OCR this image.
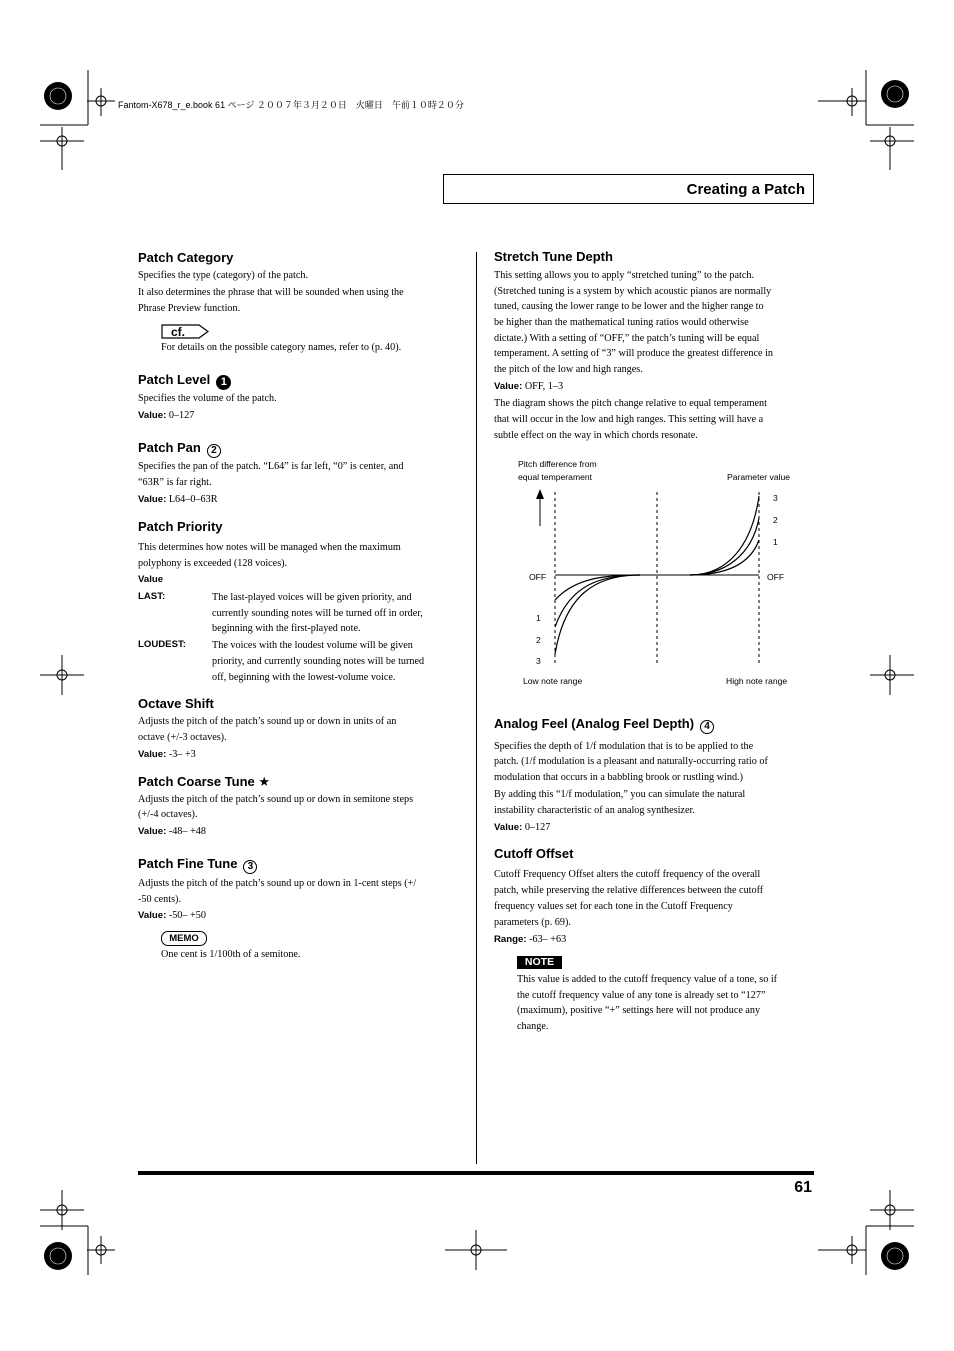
Fantom-X678_r_e.book 61 ページ ２００７年３月２０日　火曜日　午前１０時２０分
Creating a Patch
Patch Category
Specifies the type (category) of the patch.
It also determines the phrase that will be sounded when using the
Phrase Preview function.
cf.
For details on the possible category names, refer to (p. 40).
Patch Level 1
Specifies the volume of the patch.
Value: 0–127
Patch Pan 2
Specifies the pan of the patch. “L64” is far left, “0” is center, and
“63R” is far right.
Value: L64–0–63R
Patch Priority
This determines how notes will be managed when the maximum
polyphony is exceeded (128 voices).
Value
LAST:	The last-played voices will be given priority, and
currently sounding notes will be turned off in order,
beginning with the first-played note.
LOUDEST:	The voices with the loudest volume will be given
priority, and currently sounding notes will be turned
off, beginning with the lowest-volume voice.
Octave Shift
Adjusts the pitch of the patch’s sound up or down in units of an
octave (+/-3 octaves).
Value: -3– +3
Patch Coarse Tune ★
Adjusts the pitch of the patch’s sound up or down in semitone steps
(+/-4 octaves).
Value: -48– +48
Patch Fine Tune 3
Adjusts the pitch of the patch’s sound up or down in 1-cent steps (+/
-50 cents).
Value: -50– +50
MEMO
One cent is 1/100th of a semitone.
Stretch Tune Depth
This setting allows you to apply “stretched tuning” to the patch.
(Stretched tuning is a system by which acoustic pianos are normally
tuned, causing the lower range to be lower and the higher range to
be higher than the mathematical tuning ratios would otherwise
dictate.) With a setting of “OFF,” the patch’s tuning will be equal
temperament. A setting of “3” will produce the greatest difference in
the pitch of the low and high ranges.
Value: OFF, 1–3
The diagram shows the pitch change relative to equal temperament
that will occur in the low and high ranges. This setting will have a
subtle effect on the way in which chords resonate.
Pitch difference from
equal temperament	Parameter value
OFF
1
2
3
3
2
1
OFF
Low note range	High note range
Analog Feel (Analog Feel Depth) 4
Specifies the depth of 1/f modulation that is to be applied to the
patch. (1/f modulation is a pleasant and naturally-occurring ratio of
modulation that occurs in a babbling brook or rustling wind.)
By adding this “1/f modulation,” you can simulate the natural
instability characteristic of an analog synthesizer.
Value: 0–127
Cutoff Offset
Cutoff Frequency Offset alters the cutoff frequency of the overall
patch, while preserving the relative differences between the cutoff
frequency values set for each tone in the Cutoff Frequency
parameters (p. 69).
Range: -63– +63
NOTE
This value is added to the cutoff frequency value of a tone, so if
the cutoff frequency value of any tone is already set to “127”
(maximum), positive “+” settings here will not produce any
change.
61
